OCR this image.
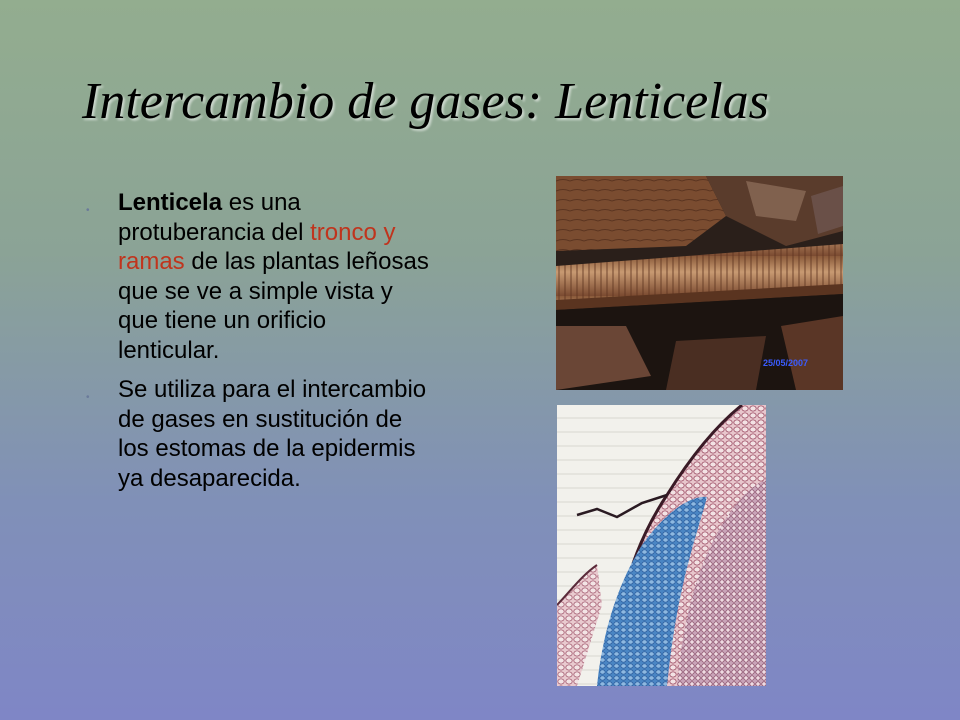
Intercambio de gases: Lenticelas
• Lenticela es una protuberancia del tronco y ramas de las plantas leñosas que se ve a simple vista y que tiene un orificio lenticular.
• Se utiliza para el intercambio de gases en sustitución de los estomas de la epidermis ya desaparecida.
25/05/2007
